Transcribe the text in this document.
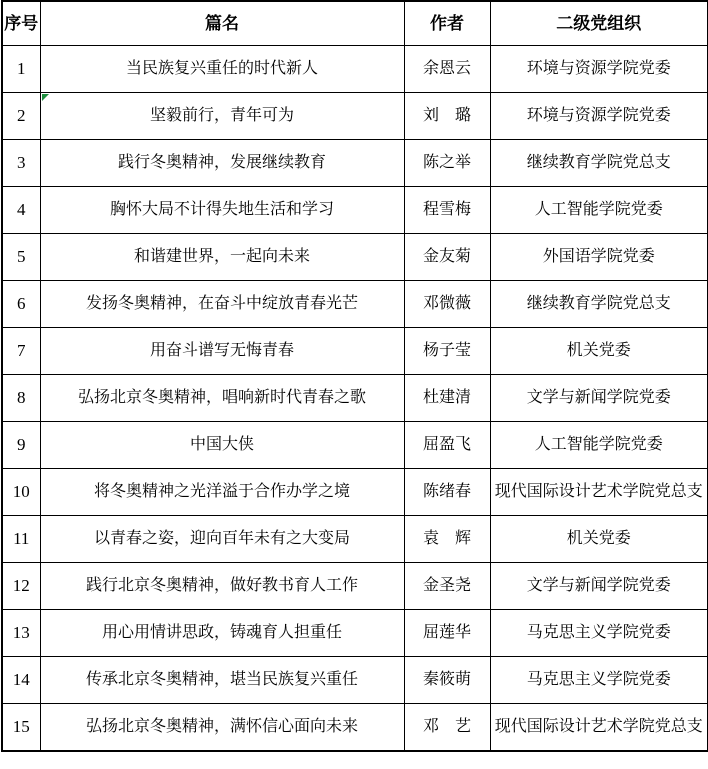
序号	篇名	作者	二级党组织
1	当民族复兴重任的时代新人	余恩云	环境与资源学院党委
2	坚毅前行，青年可为	刘　璐	环境与资源学院党委
3	践行冬奥精神，发展继续教育	陈之举	继续教育学院党总支
4	胸怀大局不计得失地生活和学习	程雪梅	人工智能学院党委
5	和谐建世界，一起向未来	金友菊	外国语学院党委
6	发扬冬奥精神，在奋斗中绽放青春光芒	邓微薇	继续教育学院党总支
7	用奋斗谱写无悔青春	杨子莹	机关党委
8	弘扬北京冬奥精神，唱响新时代青春之歌	杜建清	文学与新闻学院党委
9	中国大侠	屈盈飞	人工智能学院党委
10	将冬奥精神之光洋溢于合作办学之境	陈绪春	现代国际设计艺术学院党总支
11	以青春之姿，迎向百年未有之大变局	袁　辉	机关党委
12	践行北京冬奥精神，做好教书育人工作	金圣尧	文学与新闻学院党委
13	用心用情讲思政，铸魂育人担重任	屈莲华	马克思主义学院党委
14	传承北京冬奥精神，堪当民族复兴重任	秦筱萌	马克思主义学院党委
15	弘扬北京冬奥精神，满怀信心面向未来	邓　艺	现代国际设计艺术学院党总支
